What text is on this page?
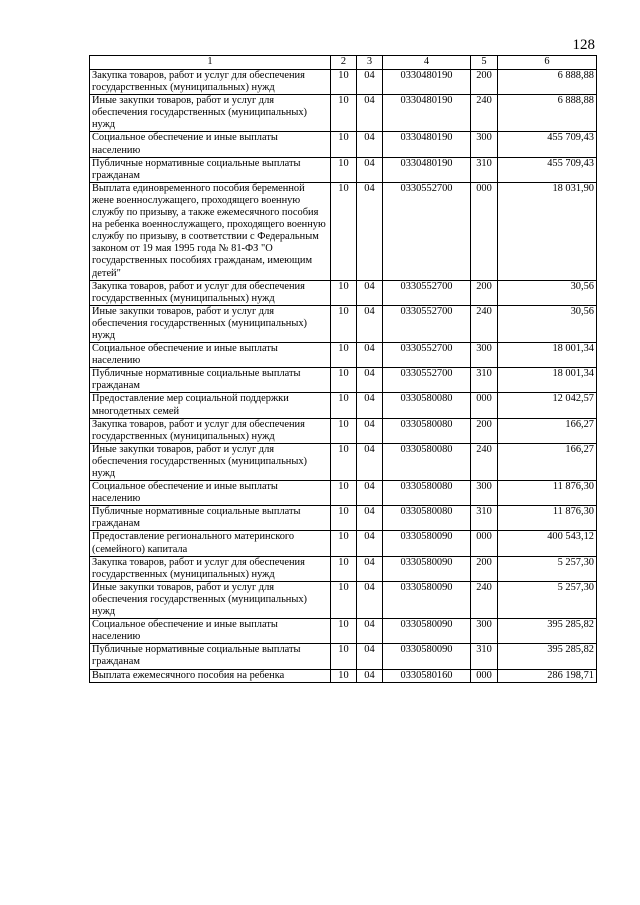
128
1	2	3	4	5	6
Закупка товаров, работ и услуг для обеспечения государственных (муниципальных) нужд	10	04	0330480190	200	6 888,88
Иные закупки товаров, работ и услуг для обеспечения государственных (муниципальных) нужд	10	04	0330480190	240	6 888,88
Социальное обеспечение и иные выплаты населению	10	04	0330480190	300	455 709,43
Публичные нормативные социальные выплаты гражданам	10	04	0330480190	310	455 709,43
Выплата единовременного пособия беременной жене военнослужащего, проходящего военную службу по призыву, а также ежемесячного пособия на ребенка военнослужащего, проходящего военную службу по призыву, в соответствии с Федеральным законом от 19 мая 1995 года № 81-ФЗ "О государственных пособиях гражданам, имеющим детей"	10	04	0330552700	000	18 031,90
Закупка товаров, работ и услуг для обеспечения государственных (муниципальных) нужд	10	04	0330552700	200	30,56
Иные закупки товаров, работ и услуг для обеспечения государственных (муниципальных) нужд	10	04	0330552700	240	30,56
Социальное обеспечение и иные выплаты населению	10	04	0330552700	300	18 001,34
Публичные нормативные социальные выплаты гражданам	10	04	0330552700	310	18 001,34
Предоставление мер социальной поддержки многодетных семей	10	04	0330580080	000	12 042,57
Закупка товаров, работ и услуг для обеспечения государственных (муниципальных) нужд	10	04	0330580080	200	166,27
Иные закупки товаров, работ и услуг для обеспечения государственных (муниципальных) нужд	10	04	0330580080	240	166,27
Социальное обеспечение и иные выплаты населению	10	04	0330580080	300	11 876,30
Публичные нормативные социальные выплаты гражданам	10	04	0330580080	310	11 876,30
Предоставление регионального материнского (семейного) капитала	10	04	0330580090	000	400 543,12
Закупка товаров, работ и услуг для обеспечения государственных (муниципальных) нужд	10	04	0330580090	200	5 257,30
Иные закупки товаров, работ и услуг для обеспечения государственных (муниципальных) нужд	10	04	0330580090	240	5 257,30
Социальное обеспечение и иные выплаты населению	10	04	0330580090	300	395 285,82
Публичные нормативные социальные выплаты гражданам	10	04	0330580090	310	395 285,82
Выплата ежемесячного пособия на ребенка	10	04	0330580160	000	286 198,71
